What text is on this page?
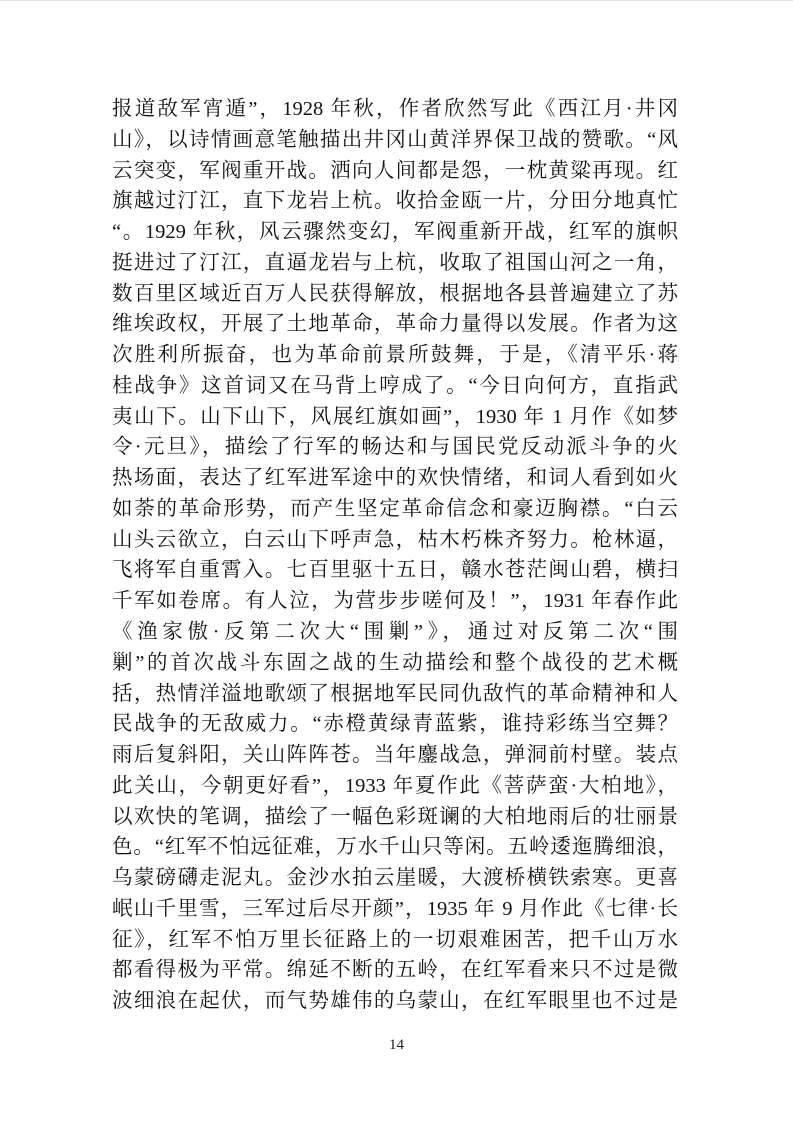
报道敌军宵遁”，1928 年秋，作者欣然写此《西江月·井冈
山》，以诗情画意笔触描出井冈山黄洋界保卫战的赞歌。“风
云突变，军阀重开战。洒向人间都是怨，一枕黄粱再现。红
旗越过汀江，直下龙岩上杭。收拾金瓯一片，分田分地真忙
“。1929 年秋，风云骤然变幻，军阀重新开战，红军的旗帜
挺进过了汀江，直逼龙岩与上杭，收取了祖国山河之一角，
数百里区域近百万人民获得解放，根据地各县普遍建立了苏
维埃政权，开展了土地革命，革命力量得以发展。作者为这
次胜利所振奋，也为革命前景所鼓舞，于是，《清平乐·蒋
桂战争》这首词又在马背上哼成了。“今日向何方，直指武
夷山下。山下山下，风展红旗如画”，1930 年 1 月作《如梦
令·元旦》，描绘了行军的畅达和与国民党反动派斗争的火
热场面，表达了红军进军途中的欢快情绪，和词人看到如火
如荼的革命形势，而产生坚定革命信念和豪迈胸襟。“白云
山头云欲立，白云山下呼声急，枯木朽株齐努力。枪林逼，
飞将军自重霄入。七百里驱十五日，赣水苍茫闽山碧，横扫
千军如卷席。有人泣，为营步步嗟何及！”，1931 年春作此
《渔家傲·反第二次大“围剿”》，通过对反第二次“围
剿”的首次战斗东固之战的生动描绘和整个战役的艺术概
括，热情洋溢地歌颂了根据地军民同仇敌忾的革命精神和人
民战争的无敌威力。“赤橙黄绿青蓝紫，谁持彩练当空舞？
雨后复斜阳，关山阵阵苍。当年鏖战急，弹洞前村壁。装点
此关山，今朝更好看”，1933 年夏作此《菩萨蛮·大柏地》，
以欢快的笔调，描绘了一幅色彩斑谰的大柏地雨后的壮丽景
色。“红军不怕远征难，万水千山只等闲。五岭逶迤腾细浪，
乌蒙磅礴走泥丸。金沙水拍云崖暖，大渡桥横铁索寒。更喜
岷山千里雪，三军过后尽开颜”，1935 年 9 月作此《七律·长
征》，红军不怕万里长征路上的一切艰难困苦，把千山万水
都看得极为平常。绵延不断的五岭，在红军看来只不过是微
波细浪在起伏，而气势雄伟的乌蒙山，在红军眼里也不过是
14
